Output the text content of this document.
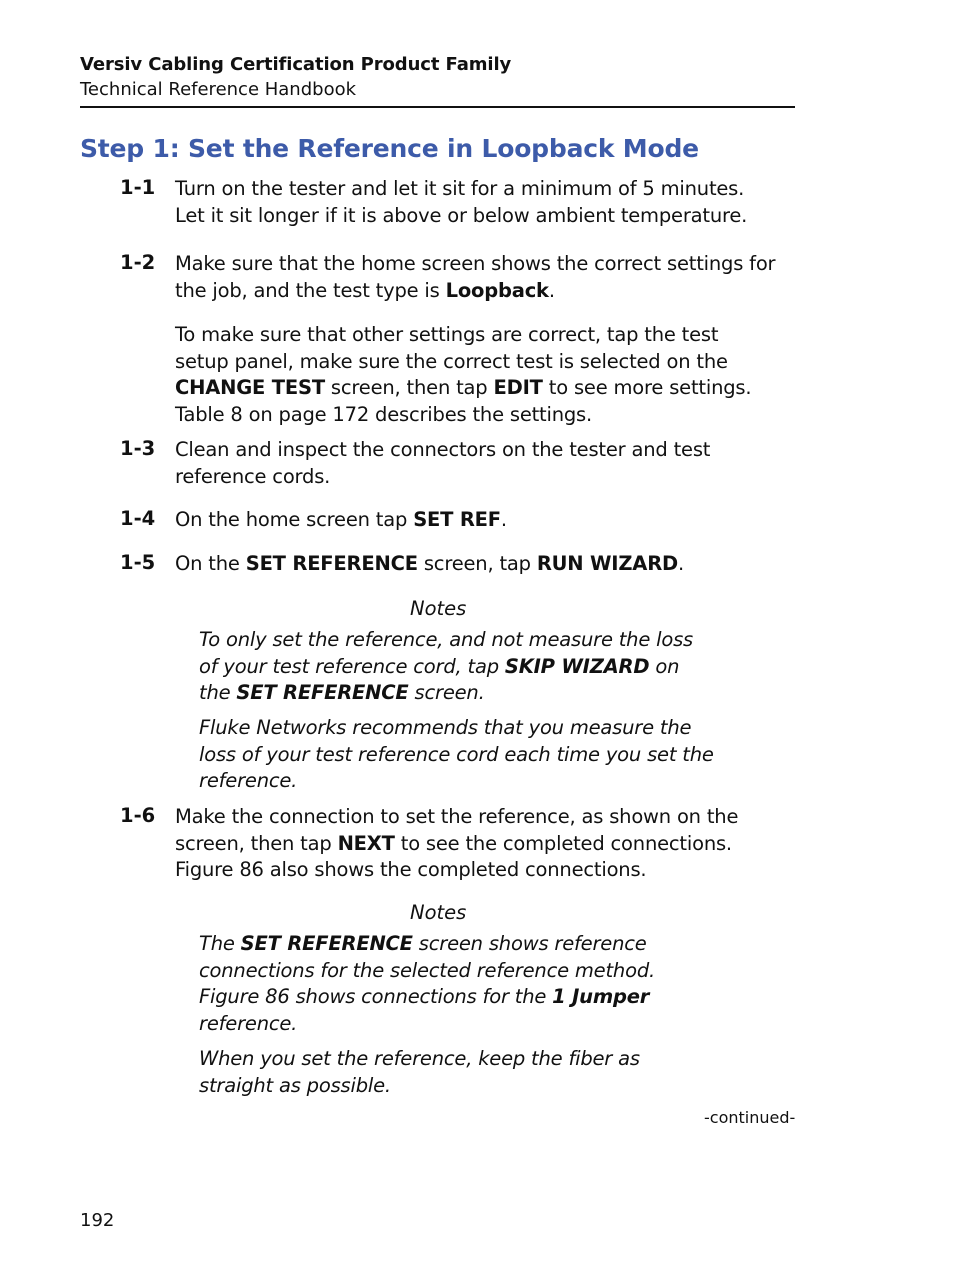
Versiv Cabling Certification Product Family
Technical Reference Handbook
Step 1: Set the Reference in Loopback Mode
1-1 Turn on the tester and let it sit for a minimum of 5 minutes.
Let it sit longer if it is above or below ambient temperature.
1-2 Make sure that the home screen shows the correct settings for the job, and the test type is Loopback.
To make sure that other settings are correct, tap the test setup panel, make sure the correct test is selected on the CHANGE TEST screen, then tap EDIT to see more settings. Table 8 on page 172 describes the settings.
1-3 Clean and inspect the connectors on the tester and test reference cords.
1-4 On the home screen tap SET REF.
1-5 On the SET REFERENCE screen, tap RUN WIZARD.
Notes
To only set the reference, and not measure the loss of your test reference cord, tap SKIP WIZARD on the SET REFERENCE screen.
Fluke Networks recommends that you measure the loss of your test reference cord each time you set the reference.
1-6 Make the connection to set the reference, as shown on the screen, then tap NEXT to see the completed connections. Figure 86 also shows the completed connections.
Notes
The SET REFERENCE screen shows reference connections for the selected reference method. Figure 86 shows connections for the 1 Jumper reference.
When you set the reference, keep the fiber as straight as possible.
-continued-
192
